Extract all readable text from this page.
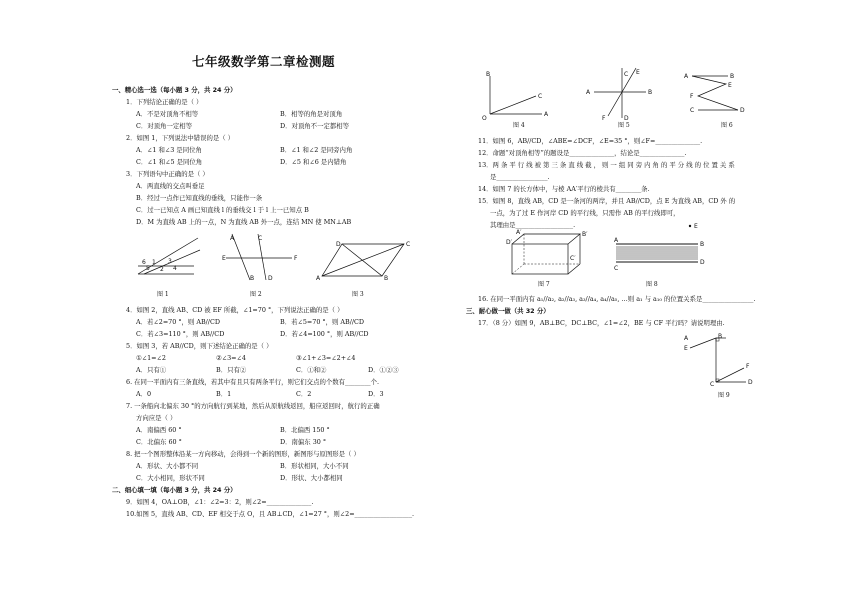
七年级数学第二章检测题
一、精心选一选（每小题 3 分，共 24 分）
1．下列结论正确的是（ ）
A．不是对顶角不相等	B．相等的角是对顶角
C．对顶角一定相等	D．对顶角不一定都相等
2．如图 1，下列说法中错误的是（ ）
A．∠1 和∠3 是同位角	B．∠1 和∠2 是同旁内角
C．∠1 和∠5 是同位角	D．∠5 和∠6 是内错角
3．下列语句中正确的是（ ）
A．两直线的交点叫垂足
B．经过一点作已知直线的垂线，只能作一条
C．过一已知点 A 画已知直线 l 的垂线交 l 于 l 上一已知点 B
D．M 为直线 AB 上的一点，N 为直线 AB 外一点，连结 MN 使 MN⊥AB
4．如图 2，直线 AB、CD 被 EF 所截，∠1=70 °，下列说法正确的是（ ）
A．若∠2=70 °，则 AB//CD	B．若∠5=70 °，则 AB//CD
C．若∠3=110 °，则 AB//CD	D．若∠4=100 °，则 AB//CD
5．如图 3，若 AB//CD，则下述结论正确的是（ ）
①∠1=∠2	②∠3=∠4	③∠1+∠3=∠2+∠4
A．只有①	B．只有②	C．①和②	D．①②③
6. 在同一平面内有三条直线，若其中有且只有两条平行，则它们交点的个数有________个.
A．0	B．1	C．2	D．3
7. 一条船向北偏东 30 °的方向航行到某地，然后从原航线返回，船应返回时，航行的正确
方向应是（ ）
A．南偏西 60 °	B．北偏西 150 °
C．北偏东 60 °	D．南偏东 30 °
8. 把一个图形整体沿某一方向移动，会得到一个新的图形，新图形与原图形是（ ）
A．形状、大小都不同	B．形状相同，大小不同
C．大小相同，形状不同	D．形状、大小都相同
二、细心填一填（每小题 3 分，共 24 分）
9．如图 4，OA⊥OB，∠1：∠2=3：2，则∠2=______________.
10.如图 5，直线 AB、CD、EF 相交于点 O，且 AB⊥CD，∠1=27 °，则∠2=__________________.
11．如图 6，AB//CD，∠ABE=∠DCF，∠E=35 °，则∠F=______________.
12．命题“对顶角相等”的题设是______________，结论是______________.
13．两 条 平 行 线 被 第 三 条 直 线 截 ， 则 一 组 同 旁 内 角 的 平 分 线 的 位 置 关 系
是________________.
14．如图 7 的长方体中，与棱 AA′平行的棱共有________条.
15．如图 8，直线 AB，CD 是一条河的两岸，并且 AB//CD，点 E 为直线 AB，CD 外 的
一点，为了过 E 作河岸 CD 的平行线，只需作 AB 的平行线即可，
其理由是__________________.
16. 在同一平面内有 a₁//a₂, a₂//a₃, a₃//a₄, a₄//a₅, …则 a₁ 与 a₁₀ 的位置关系是________________.
三、耐心做一做（共 32 分）
17．（8 分）如图 9，AB⊥BC，DC⊥BC，∠1=∠2，BE 与 CF 平行吗？请说明理由.
1
2
3
4
5
6
图 1
A	C
E	F
B D
图 2
D	C
A	B
图 3
B
O
A
C
图 4
A	B
C
D
E
F
图 5
A	B
E
F
C	D
图 6
A′	B′
D′
C′
图 7
E
A
B
C
D
图 8
A	B
E
F
C	D
图 9
